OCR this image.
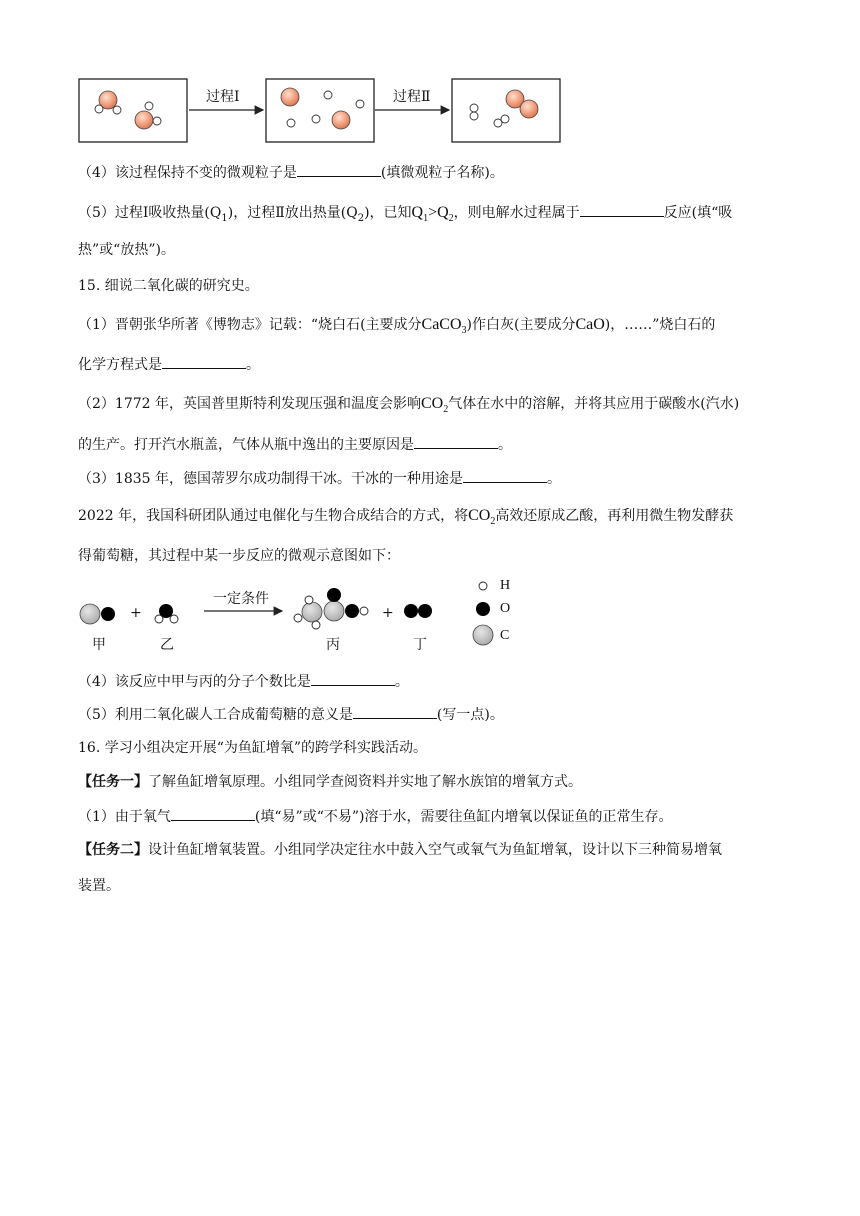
过程Ⅰ	过程Ⅱ
（4）该过程保持不变的微观粒子是	(填微观粒子名称)。
（5）过程Ⅰ吸收热量$(Q_1)$，过程Ⅱ放出热量$(Q_2)$，已知$Q_1>Q_2$，则电解水过程属于	反应(填“吸
热”或“放热”)。
15. 细说二氧化碳的研究史。
（1）晋朝张华所著《博物志》记载：“烧白石(主要成分CaCO$_3$)作白灰(主要成分CaO)，……”烧白石的
化学方程式是	。
（2）1772 年，英国普里斯特利发现压强和温度会影响$CO_2$气体在水中的溶解，并将其应用于碳酸水(汽水)
的生产。打开汽水瓶盖，气体从瓶中逸出的主要原因是	。
（3）1835 年，德国蒂罗尔成功制得干冰。干冰的一种用途是	。
2022 年，我国科研团队通过电催化与生物合成结合的方式，将$CO_2$高效还原成乙酸，再利用微生物发酵获
得葡萄糖，其过程中某一步反应的微观示意图如下：
+
一定条件
+
甲	乙	丙	丁
H
O
C
（4）该反应中甲与丙的分子个数比是	。
（5）利用二氧化碳人工合成葡萄糖的意义是	(写一点)。
16. 学习小组决定开展“为鱼缸增氧”的跨学科实践活动。
【任务一】了解鱼缸增氧原理。小组同学查阅资料并实地了解水族馆的增氧方式。
（1）由于氧气	(填“易”或“不易”)溶于水，需要往鱼缸内增氧以保证鱼的正常生存。
【任务二】设计鱼缸增氧装置。小组同学决定往水中鼓入空气或氧气为鱼缸增氧，设计以下三种简易增氧
装置。
